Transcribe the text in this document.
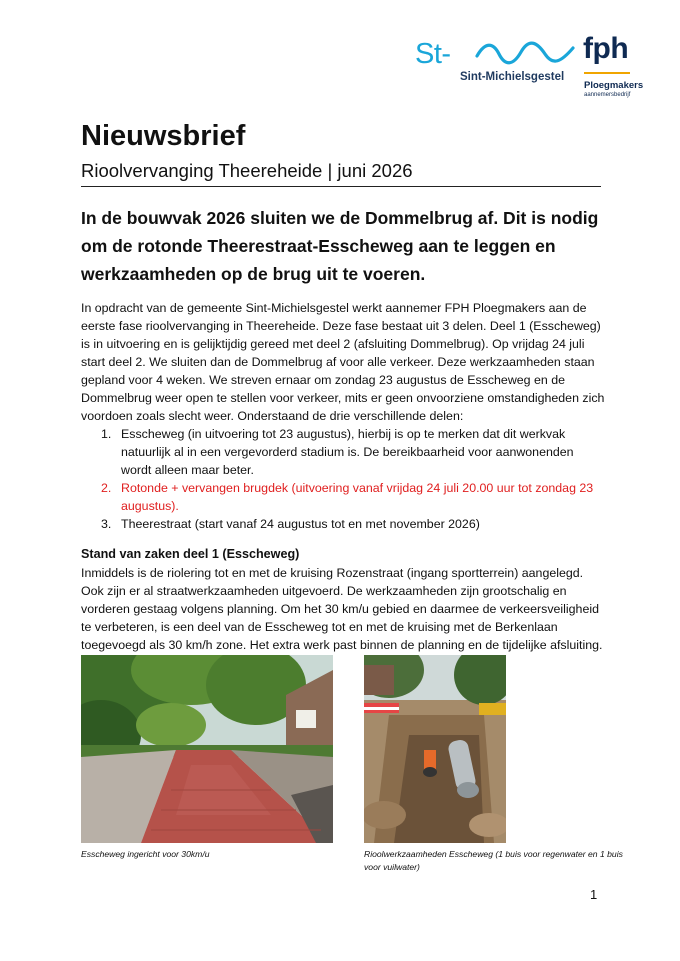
St-
Sint-Michielsgestel
fph
Ploegmakers
aannemersbedrijf
Nieuwsbrief

Rioolvervanging Theereheide | juni 2026

In de bouwvak 2026 sluiten we de Dommelbrug af. Dit is nodig om de rotonde Theerestraat-Esscheweg aan te leggen en werkzaamheden op de brug uit te voeren.

In opdracht van de gemeente Sint-Michielsgestel werkt aannemer FPH Ploegmakers aan de eerste fase rioolvervanging in Theereheide. Deze fase bestaat uit 3 delen. Deel 1 (Esscheweg) is in uitvoering en is gelijktijdig gereed met deel 2 (afsluiting Dommelbrug). Op vrijdag 24 juli start deel 2. We sluiten dan de Dommelbrug af voor alle verkeer. Deze werkzaamheden staan gepland voor 4 weken. We streven ernaar om zondag 23 augustus de Esscheweg en de Dommelbrug weer open te stellen voor verkeer, mits er geen onvoorziene omstandigheden zich voordoen zoals slecht weer. Onderstaand de drie verschillende delen:

1. Esscheweg (in uitvoering tot 23 augustus), hierbij is op te merken dat dit werkvak natuurlijk al in een vergevorderd stadium is. De bereikbaarheid voor aanwonenden wordt alleen maar beter.
2. Rotonde + vervangen brugdek (uitvoering vanaf vrijdag 24 juli 20.00 uur tot zondag 23 augustus).
3. Theerestraat (start vanaf 24 augustus tot en met november 2026)
Stand van zaken deel 1 (Esscheweg)

Inmiddels is de riolering tot en met de kruising Rozenstraat (ingang sportterrein) aangelegd. Ook zijn er al straatwerkzaamheden uitgevoerd. De werkzaamheden zijn grootschalig en vorderen gestaag volgens planning. Om het 30 km/u gebied en daarmee de verkeersveiligheid te verbeteren, is een deel van de Esscheweg tot en met de kruising met de Berkenlaan toegevoegd als 30 km/h zone. Het extra werk past binnen de planning en de tijdelijke afsluiting.

Esscheweg ingericht voor 30km/u	Rioolwerkzaamheden Esscheweg (1 buis voor regenwater en 1 buis voor vuilwater)

1
